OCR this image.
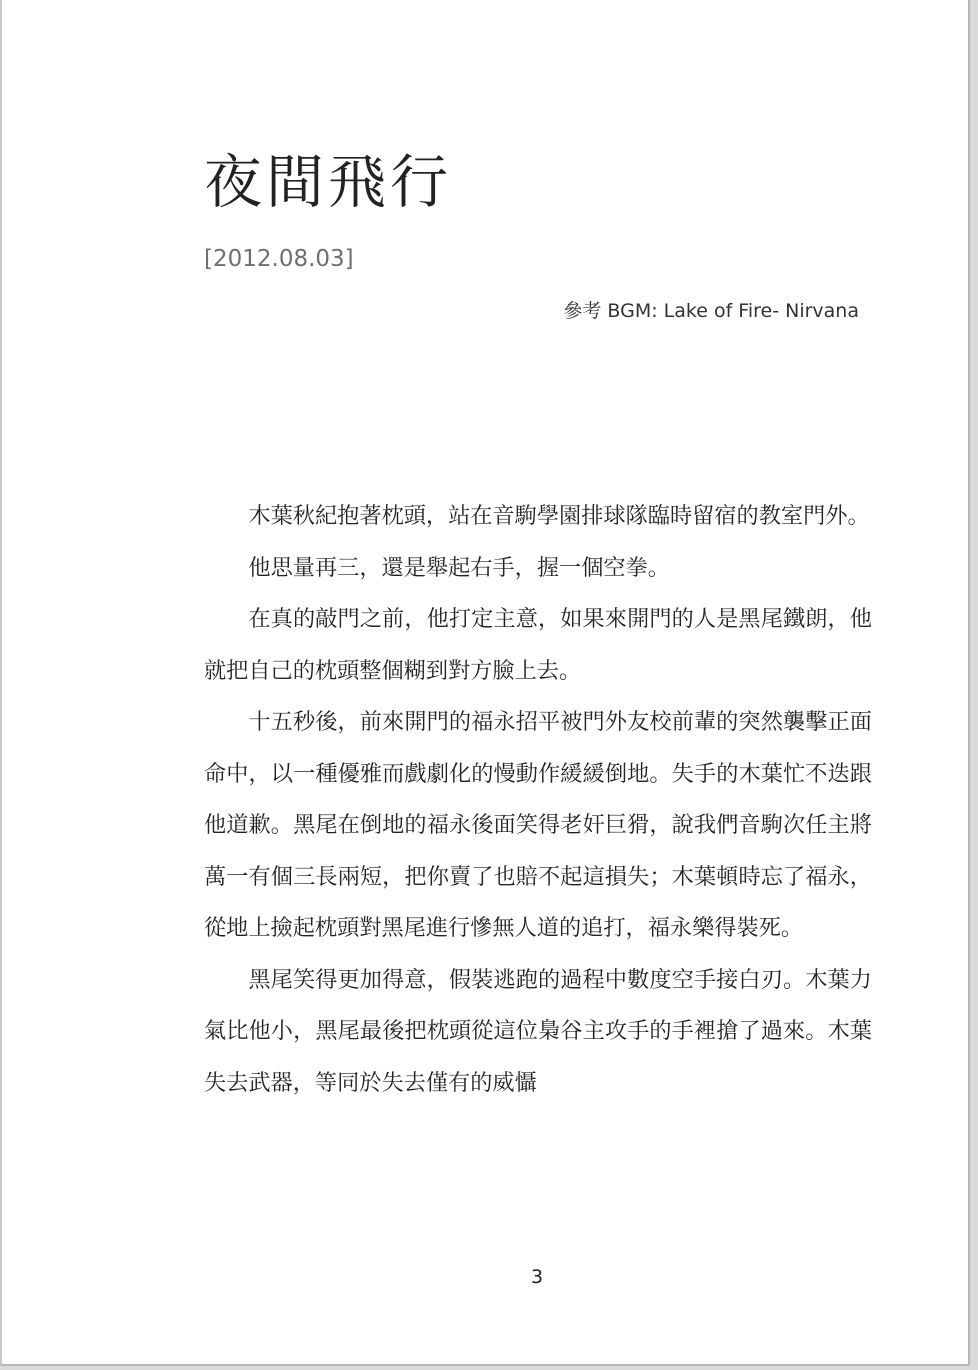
夜間飛行
[2012.08.03]
參考 BGM: Lake of Fire- Nirvana

木葉秋紀抱著枕頭，站在音駒學園排球隊臨時留宿的教室門外。

他思量再三，還是舉起右手，握一個空拳。

在真的敲門之前，他打定主意，如果來開門的人是黑尾鐵朗，他就把自己的枕頭整個糊到對方臉上去。

十五秒後，前來開門的福永招平被門外友校前輩的突然襲擊正面命中，以一種優雅而戲劇化的慢動作緩緩倒地。失手的木葉忙不迭跟他道歉。黑尾在倒地的福永後面笑得老奸巨猾，說我們音駒次任主將萬一有個三長兩短，把你賣了也賠不起這損失；木葉頓時忘了福永，從地上撿起枕頭對黑尾進行慘無人道的追打，福永樂得裝死。

黑尾笑得更加得意，假裝逃跑的過程中數度空手接白刃。木葉力氣比他小，黑尾最後把枕頭從這位梟谷主攻手的手裡搶了過來。木葉失去武器，等同於失去僅有的威懾

3
